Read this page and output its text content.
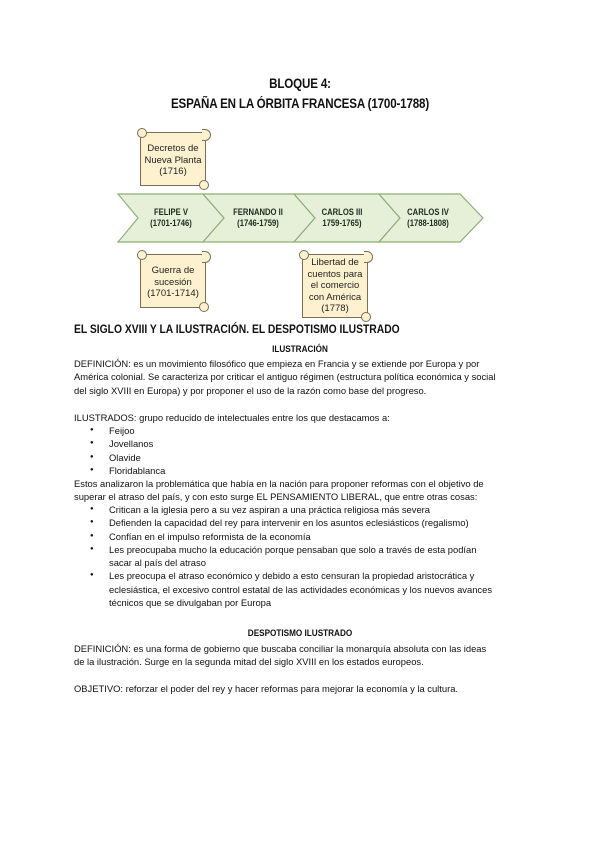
BLOQUE 4:
ESPAÑA EN LA ÓRBITA FRANCESA (1700-1788)
FELIPE V
(1701-1746)
FERNANDO II
(1746-1759)
CARLOS III
1759-1765)
CARLOS IV
(1788-1808)
Decretos de
Nueva Planta
(1716)
Guerra de
sucesión
(1701-1714)
Libertad de
cuentos para
el comercio
con América
(1778)
EL SIGLO XVIII Y LA ILUSTRACIÓN. EL DESPOTISMO ILUSTRADO
ILUSTRACIÓN
DEFINICIÓN: es un movimiento filosófico que empieza en Francia y se extiende por Europa y por
América colonial. Se caracteriza por criticar el antiguo régimen (estructura política económica y social
del siglo XVIII en Europa) y por proponer el uso de la razón como base del progreso.
ILUSTRADOS: grupo reducido de intelectuales entre los que destacamos a:
● Feijoo
● Jovellanos
● Olavide
● Floridablanca
Estos analizaron la problemática que había en la nación para proponer reformas con el objetivo de
superar el atraso del país, y con esto surge EL PENSAMIENTO LIBERAL, que entre otras cosas:
● Critican a la iglesia pero a su vez aspiran a una práctica religiosa más severa
● Defienden la capacidad del rey para intervenir en los asuntos eclesiásticos (regalismo)
● Confían en el impulso reformista de la economía
● Les preocupaba mucho la educación porque pensaban que solo a través de esta podían
sacar al país del atraso
● Les preocupa el atraso económico y debido a esto censuran la propiedad aristocrática y
eclesiástica, el excesivo control estatal de las actividades económicas y los nuevos avances
técnicos que se divulgaban por Europa
DESPOTISMO ILUSTRADO
DEFINICIÓN: es una forma de gobierno que buscaba conciliar la monarquía absoluta con las ideas
de la ilustración. Surge en la segunda mitad del siglo XVIII en los estados europeos.
OBJETIVO: reforzar el poder del rey y hacer reformas para mejorar la economía y la cultura.
